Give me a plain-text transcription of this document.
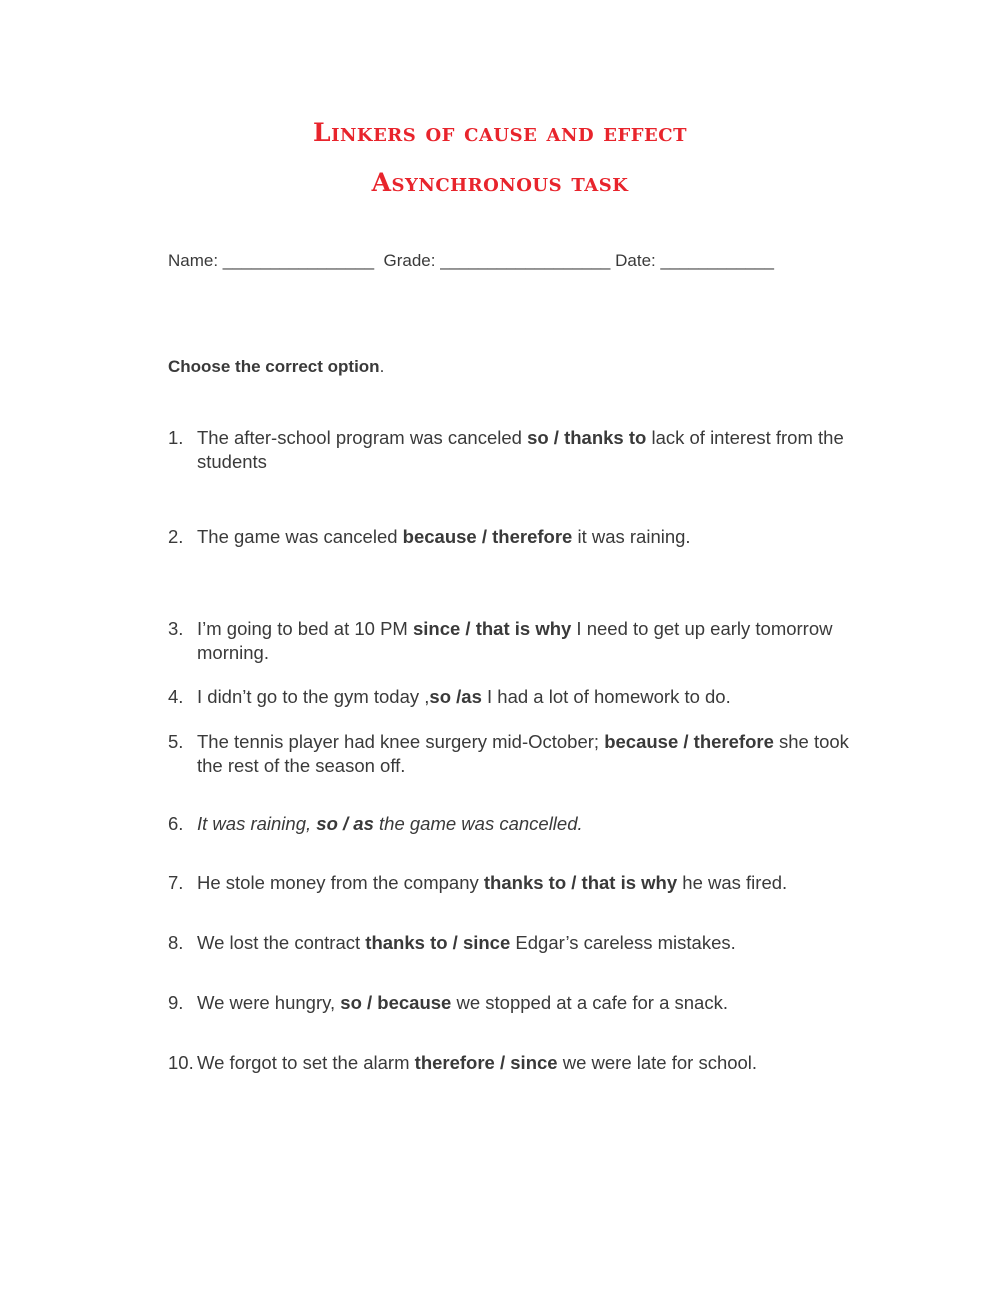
Linkers of cause and effect
Asynchronous task
Name: ________________  Grade: __________________ Date: ____________
Choose the correct option.
1. The after-school program was canceled so / thanks to lack of interest from the students
2. The game was canceled because / therefore it was raining.
3. I’m going to bed at 10 PM since / that is why I need to get up early tomorrow morning.
4. I didn’t go to the gym today ,so /as I had a lot of homework to do.
5. The tennis player had knee surgery mid-October; because / therefore she took the rest of the season off.
6. It was raining, so / as the game was cancelled.
7. He stole money from the company thanks to / that is why he was fired.
8. We lost the contract thanks to / since Edgar’s careless mistakes.
9. We were hungry, so / because we stopped at a cafe for a snack.
10. We forgot to set the alarm therefore / since we were late for school.
